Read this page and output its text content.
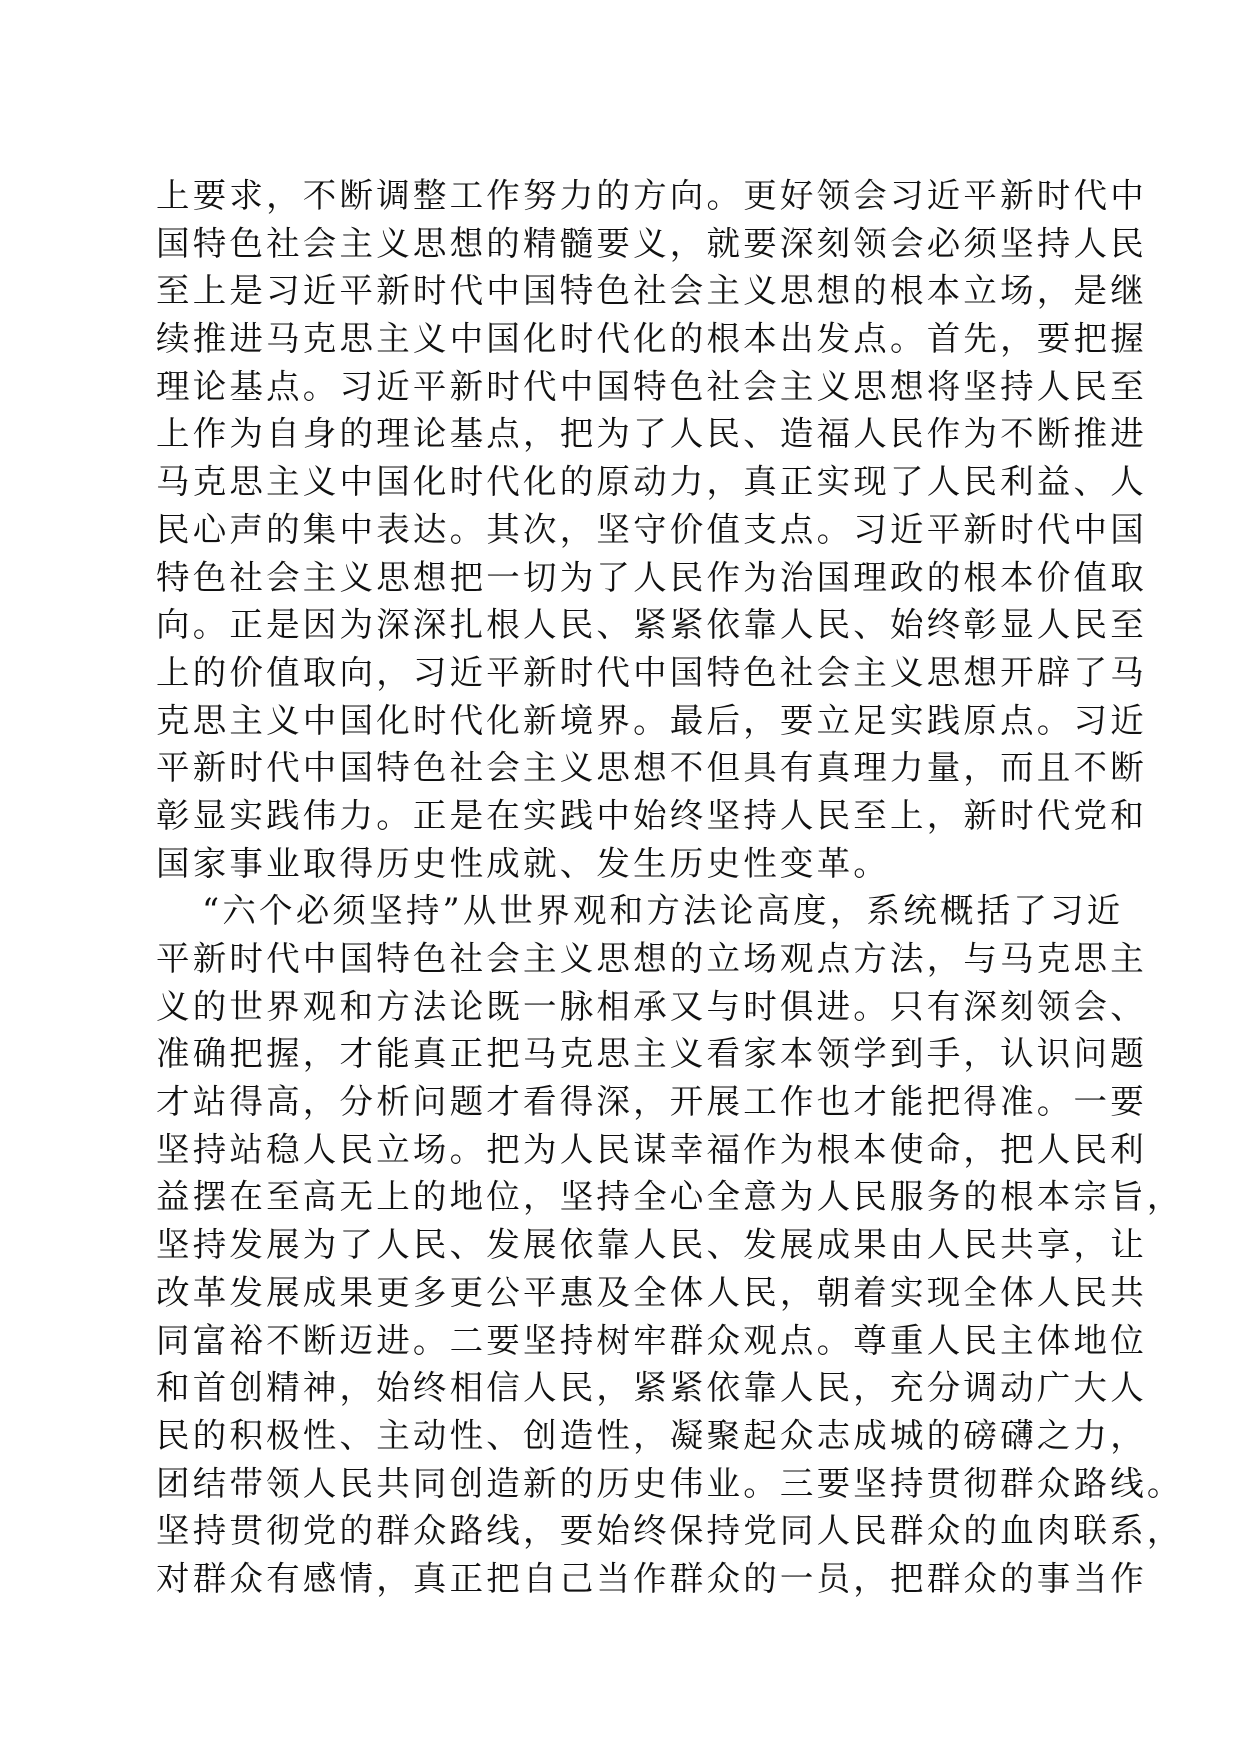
上要求，不断调整工作努力的方向。更好领会习近平新时代中
国特色社会主义思想的精髓要义，就要深刻领会必须坚持人民
至上是习近平新时代中国特色社会主义思想的根本立场，是继
续推进马克思主义中国化时代化的根本出发点。首先，要把握
理论基点。习近平新时代中国特色社会主义思想将坚持人民至
上作为自身的理论基点，把为了人民、造福人民作为不断推进
马克思主义中国化时代化的原动力，真正实现了人民利益、人
民心声的集中表达。其次，坚守价值支点。习近平新时代中国
特色社会主义思想把一切为了人民作为治国理政的根本价值取
向。正是因为深深扎根人民、紧紧依靠人民、始终彰显人民至
上的价值取向，习近平新时代中国特色社会主义思想开辟了马
克思主义中国化时代化新境界。最后，要立足实践原点。习近
平新时代中国特色社会主义思想不但具有真理力量，而且不断
彰显实践伟力。正是在实践中始终坚持人民至上，新时代党和
国家事业取得历史性成就、发生历史性变革。
“六个必须坚持”从世界观和方法论高度，系统概括了习近
平新时代中国特色社会主义思想的立场观点方法，与马克思主
义的世界观和方法论既一脉相承又与时俱进。只有深刻领会、
准确把握，才能真正把马克思主义看家本领学到手，认识问题
才站得高，分析问题才看得深，开展工作也才能把得准。一要
坚持站稳人民立场。把为人民谋幸福作为根本使命，把人民利
益摆在至高无上的地位，坚持全心全意为人民服务的根本宗旨，
坚持发展为了人民、发展依靠人民、发展成果由人民共享，让
改革发展成果更多更公平惠及全体人民，朝着实现全体人民共
同富裕不断迈进。二要坚持树牢群众观点。尊重人民主体地位
和首创精神，始终相信人民，紧紧依靠人民，充分调动广大人
民的积极性、主动性、创造性，凝聚起众志成城的磅礴之力，
团结带领人民共同创造新的历史伟业。三要坚持贯彻群众路线。
坚持贯彻党的群众路线，要始终保持党同人民群众的血肉联系，
对群众有感情，真正把自己当作群众的一员，把群众的事当作
